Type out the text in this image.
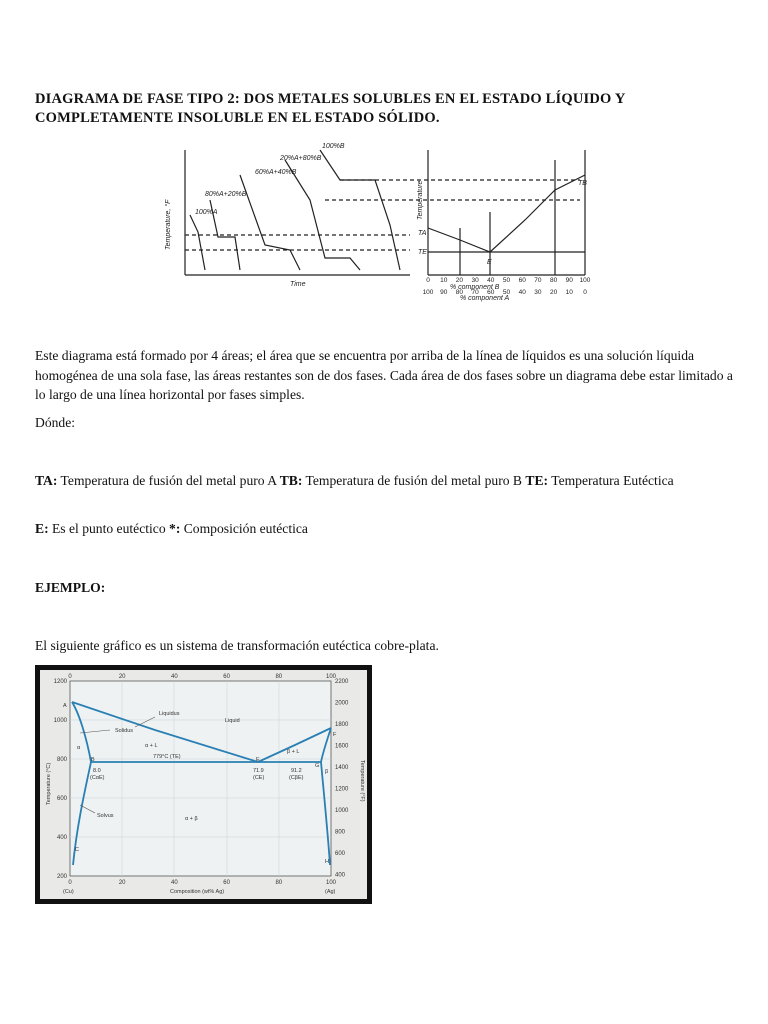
DIAGRAMA DE FASE TIPO 2: DOS METALES SOLUBLES EN EL ESTADO LÍQUIDO Y COMPLETAMENTE INSOLUBLE EN EL ESTADO SÓLIDO.
100%B
20%A+80%B
60%A+40%B
80%A+20%B
100%A
Temperature, °F
Time
Temperature
% component B
% component A
TA
TB
TE
E
0 10 20 30 40 50 60 70 80 90 100
100 90 80 70 60 50 40 30 20 10 0
Este diagrama está formado por 4 áreas; el área que se encuentra por arriba de la línea de líquidos es una solución líquida homogénea de una sola fase, las áreas restantes son de dos fases. Cada área de dos fases sobre un diagrama debe estar limitado a lo largo de una línea horizontal por fases simples.
Dónde:
TA: Temperatura de fusión del metal puro A TB: Temperatura de fusión del metal puro B TE: Temperatura Eutéctica
E: Es el punto eutéctico *: Composición eutéctica
EJEMPLO:
El siguiente gráfico es un sistema de transformación eutéctica cobre-plata.
0	20	40	60	80	100
0	20	40	60	80	100
1200
1000
800
600
400
200
2200
2000
1800
1600
1400
1200
1000
800
600
400
Liquidus
Liquid
Solidus
α + L
β + L
α
β
779°C (TE)
Solvus	α + β
A
B
C
E
F
G
H
8.0
(CαE)
71.9
(CE)
91.2
(CβE)
Composition (wt% Ag)
(Cu)	(Ag)
Temperature (°C)	Temperature (°F)
